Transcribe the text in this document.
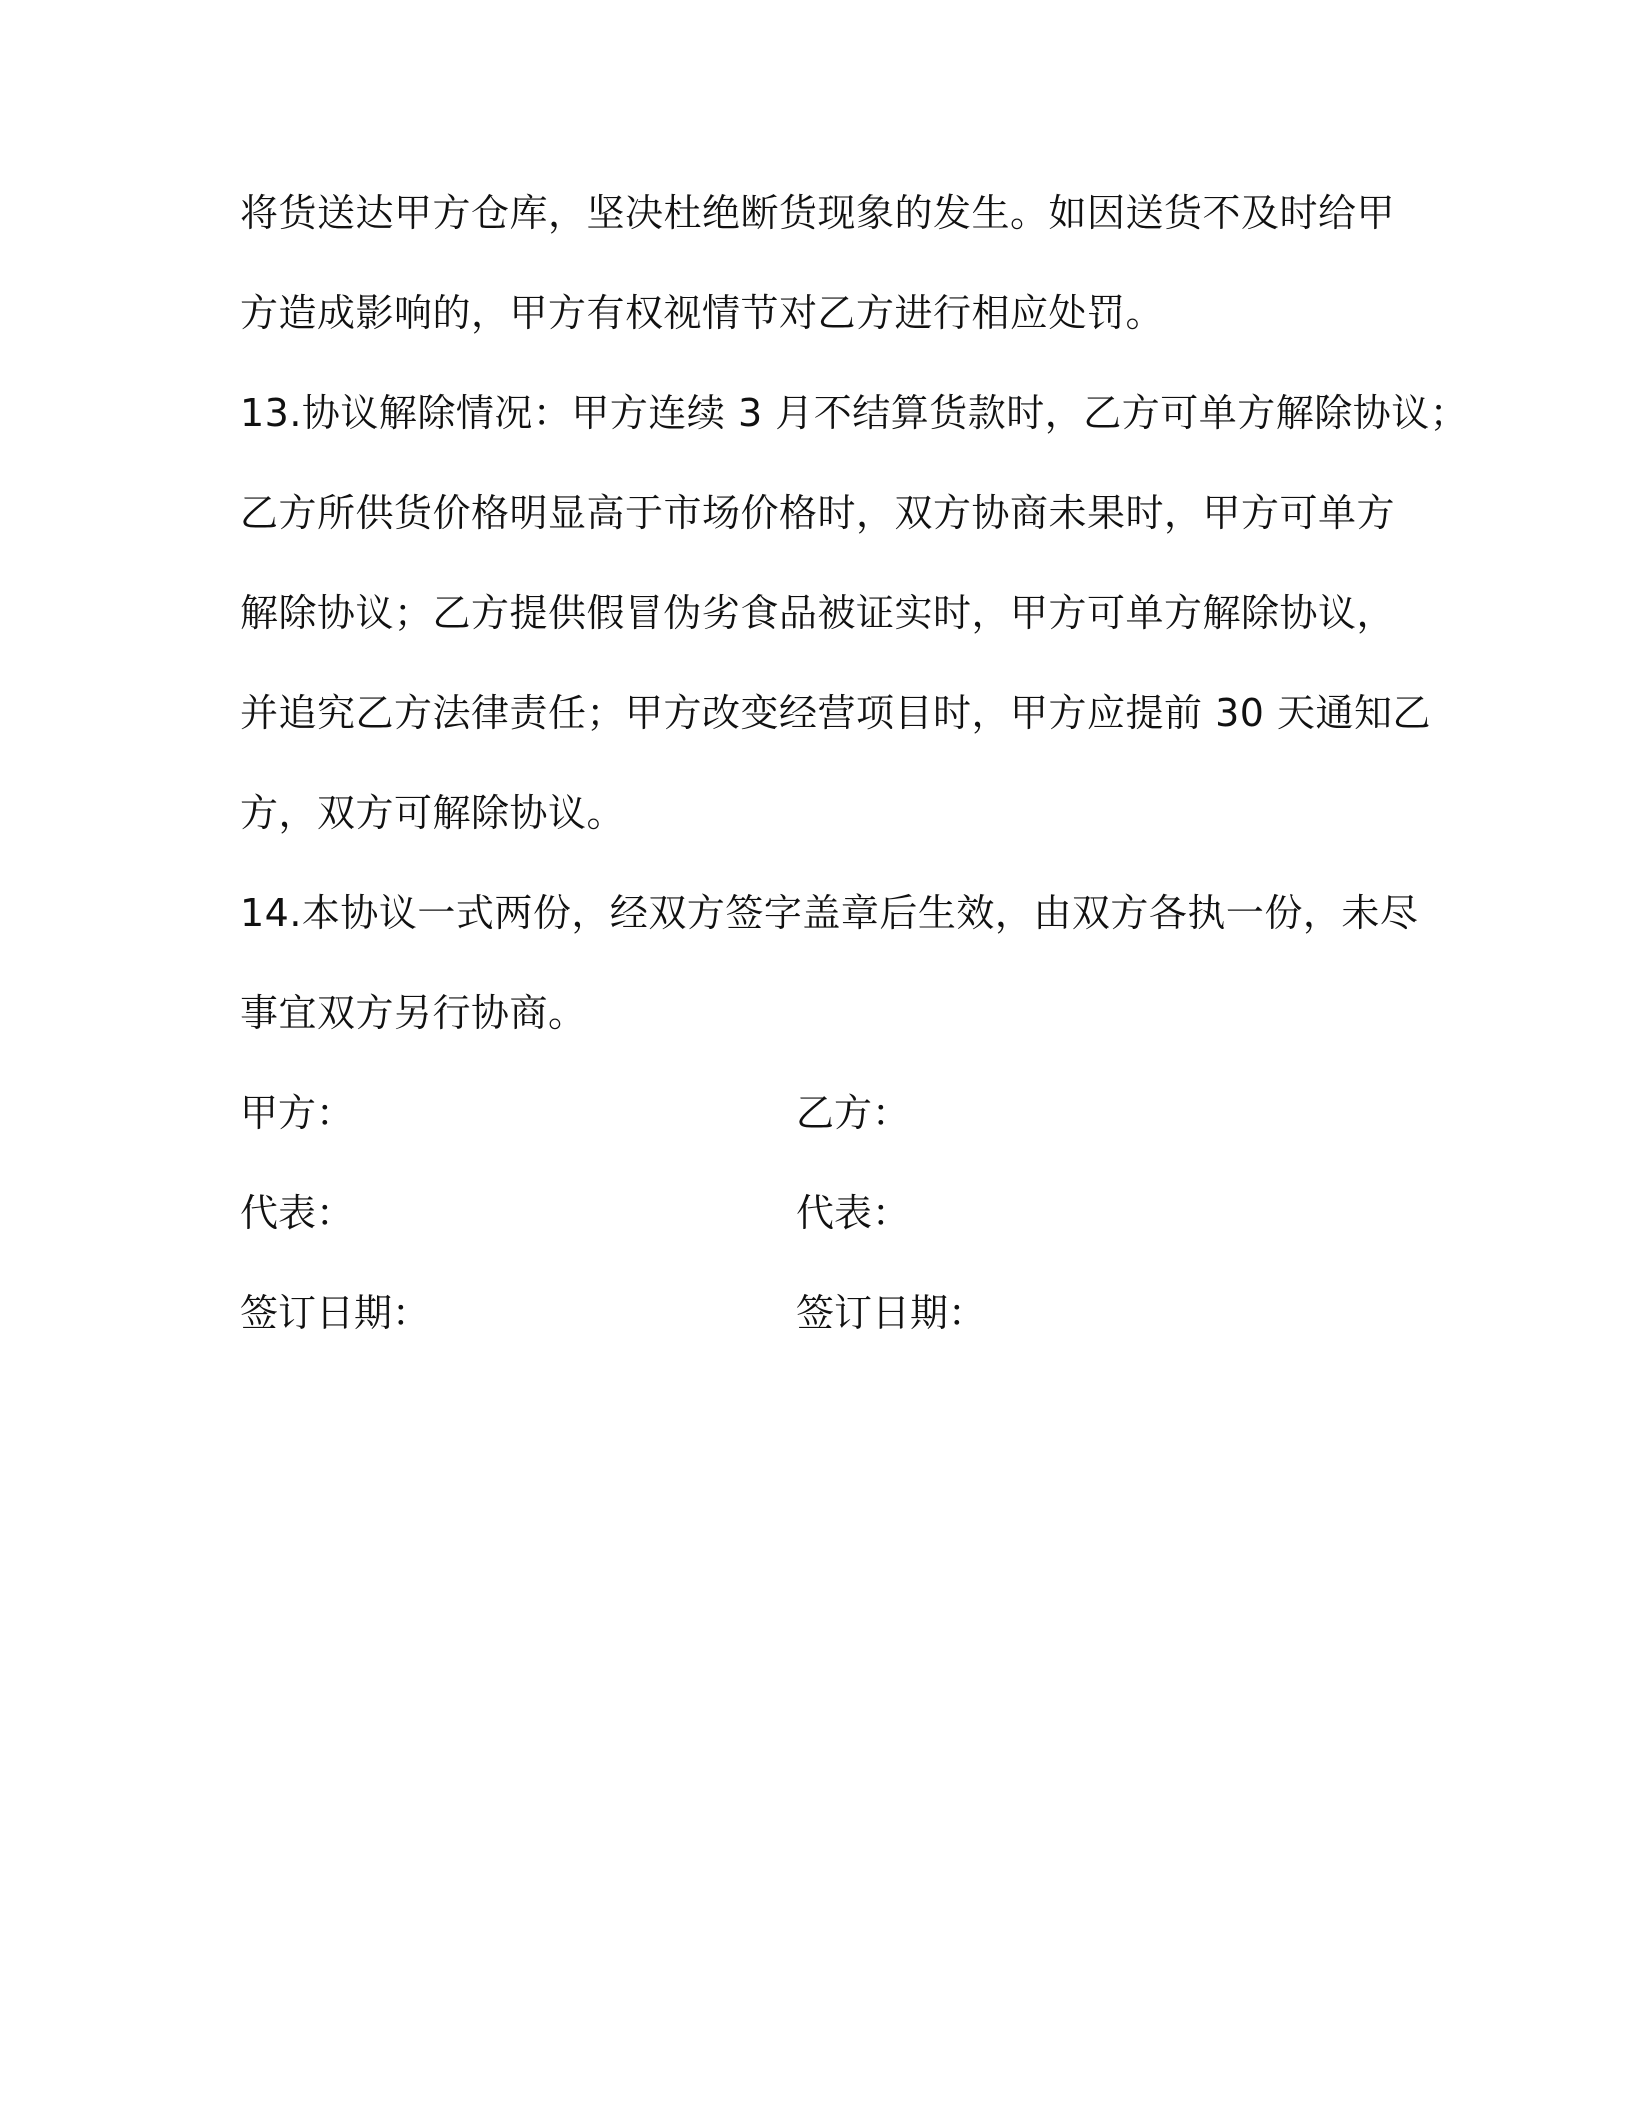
将货送达甲方仓库，坚决杜绝断货现象的发生。如因送货不及时给甲
方造成影响的，甲方有权视情节对乙方进行相应处罚。
13.协议解除情况：甲方连续 3 月不结算货款时，乙方可单方解除协议；
乙方所供货价格明显高于市场价格时，双方协商未果时，甲方可单方
解除协议；乙方提供假冒伪劣食品被证实时，甲方可单方解除协议，
并追究乙方法律责任；甲方改变经营项目时，甲方应提前 30 天通知乙
方，双方可解除协议。
14.本协议一式两份，经双方签字盖章后生效，由双方各执一份，未尽
事宜双方另行协商。
甲方：	乙方：
代表：	代表：
签订日期：	签订日期：
